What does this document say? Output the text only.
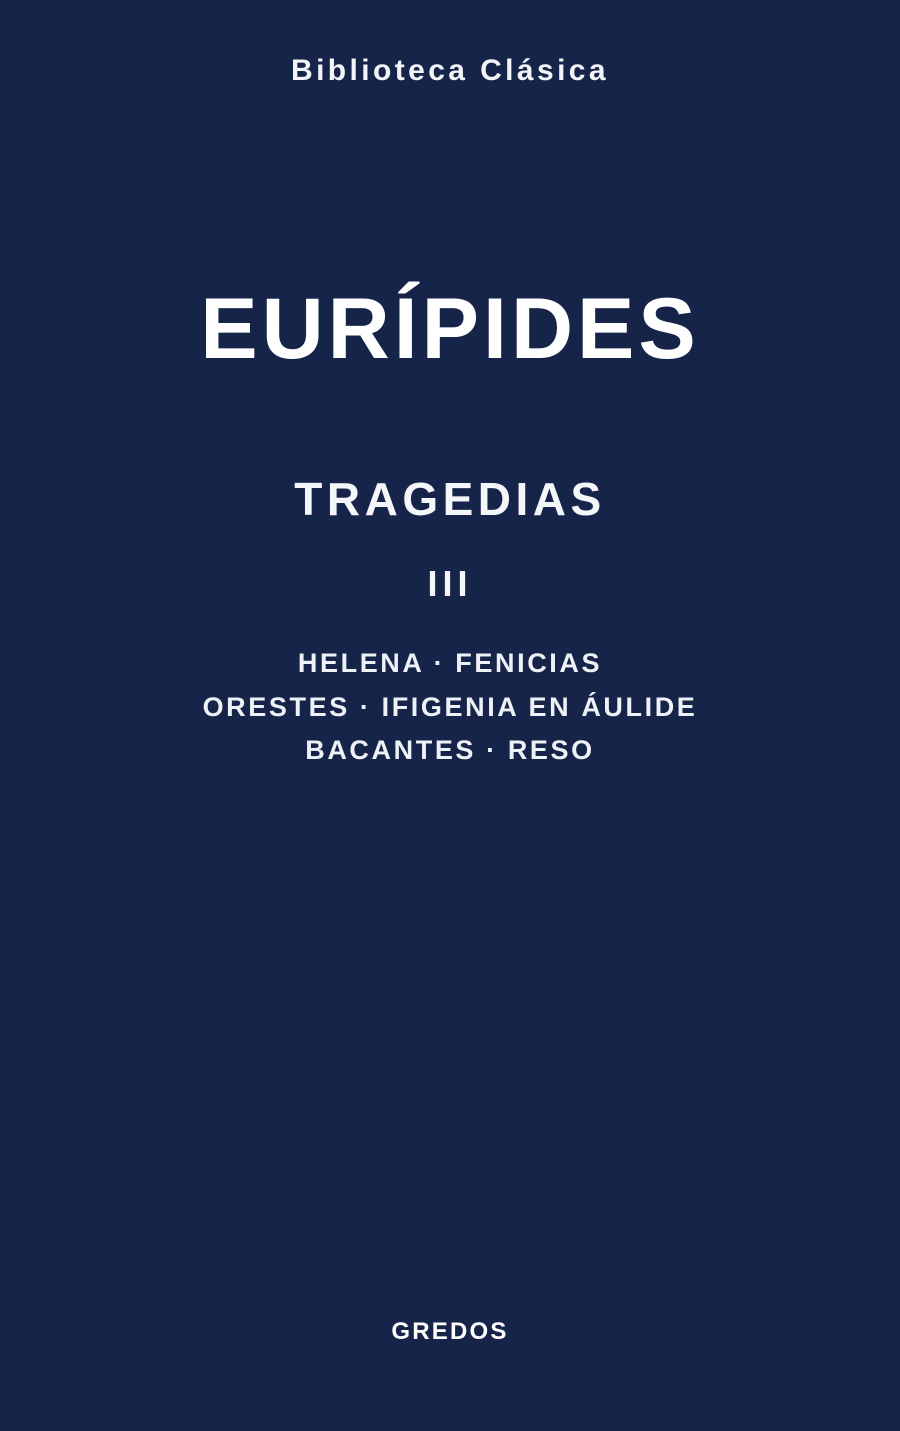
Biblioteca Clásica
EURÍPIDES
TRAGEDIAS
III
HELENA · FENICIAS
ORESTES · IFIGENIA EN ÁULIDE
BACANTES · RESO
GREDOS
